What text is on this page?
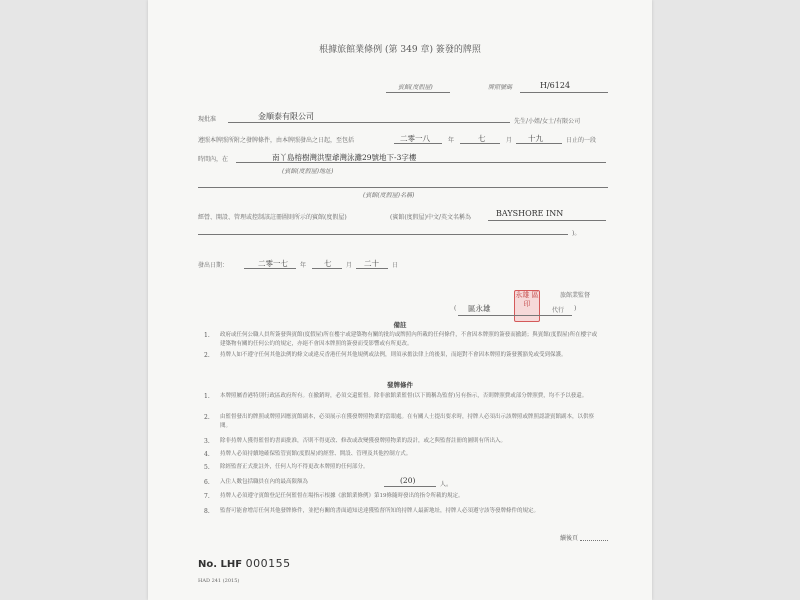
根據旅館業條例 (第 349 章) 簽發的牌照
賓館(度假屋)	牌照號碼	H/6124
現批准	金順泰有限公司
先生/小姐/女士/有限公司
遵照本牌照所附之發牌條件，由本牌照發出之日起，至包括	二零一八	年	七	月 十九	日止的一段
時間內，在	南丫島榕樹灣洪聖爺灣泳灘29號地下-3字樓
(賓館(度假屋)地址)
(賓館(度假屋)名稱)
經營、開設、管理或控制該註冊圖則所示的賓館(度假屋)	(賓館(度假屋)中文/英文名稱為	BAYSHORE INN
)。
發出日期：	二零一七 年 七 月 二十 日
旅館業監督
( 區永雄
永雄 區印
代行 )
備註
1. 政府或任何公職人員所簽發與賓館(度假屋)所在樓宇或建築物有關的批約或牌照內所載的任何條件，不會因本牌照的簽發而撤銷；與賓館(度假屋)所在樓宇或建築物有關的任何公約的規定，亦絕不會因本牌照的簽發而受影響或有所更改。
2. 持牌人如不遵守任何其他法例的條文或違反香港任何其他規例或法例，則須承擔法律上的後果，而絕對不會因本牌照的簽發獲豁免或受到保護。
發牌條件
1. 本牌照屬香港特別行政區政府所有。在撤銷時，必須交還監督。除非旅館業監督(以下簡稱為監督)另有指示，否則牌照費或部分牌照費，均不予以發還。
2. 由監督發出的牌照或牌照因應賓館副本，必須展示在獲發牌照物業的當眼處。在有關人士提出要求時，持牌人必須出示該牌照或牌照認證賓館副本，以供察閱。
3. 除非持牌人獲得監督的書面批准，否則不得更改、修改或改變獲發牌照物業的設計，或之與監督註冊的圖則有所出入。
4. 持牌人必須持續地確保監管賓館(度假屋)的經營、開設、管理及其他控制方式。
5. 除經監督正式批註外，任何人均不得更改本牌照的任何部分。
6. 入住人數包括職員在內的最高限額為	(20)	人。
7. 持牌人必須遵守賓館登記任何監督在場指示根據《旅館業條例》第19條隨時發出的指令所載的規定。
8. 監督可能會增訂任何其他發牌條件，並把有關的書面通知送達獲監督所知的持牌人最新地址，持牌人必須遵守該等發牌條件的規定。
續後頁
No. LHF 000155
HAD 241 (2015)
